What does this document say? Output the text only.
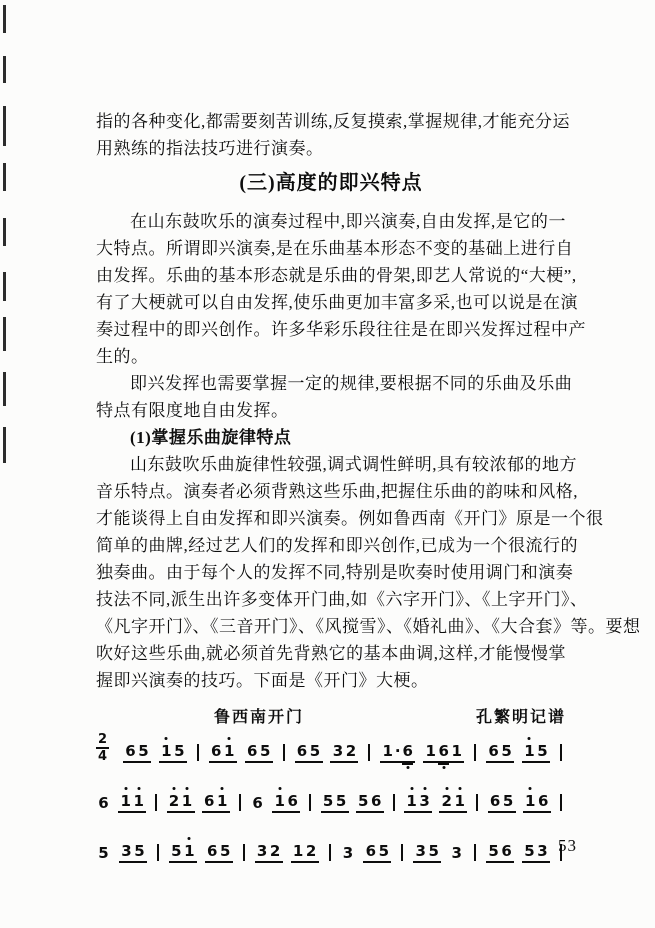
指的各种变化,都需要刻苦训练,反复摸索,掌握规律,才能充分运
用熟练的指法技巧进行演奏。
(三)高度的即兴特点
在山东鼓吹乐的演奏过程中,即兴演奏,自由发挥,是它的一
大特点。所谓即兴演奏,是在乐曲基本形态不变的基础上进行自
由发挥。乐曲的基本形态就是乐曲的骨架,即艺人常说的“大梗”,
有了大梗就可以自由发挥,使乐曲更加丰富多采,也可以说是在演
奏过程中的即兴创作。许多华彩乐段往往是在即兴发挥过程中产
生的。
即兴发挥也需要掌握一定的规律,要根据不同的乐曲及乐曲
特点有限度地自由发挥。
(1)掌握乐曲旋律特点
山东鼓吹乐曲旋律性较强,调式调性鲜明,具有较浓郁的地方
音乐特点。演奏者必须背熟这些乐曲,把握住乐曲的韵味和风格,
才能谈得上自由发挥和即兴演奏。例如鲁西南《开门》原是一个很
简单的曲牌,经过艺人们的发挥和即兴创作,已成为一个很流行的
独奏曲。由于每个人的发挥不同,特别是吹奏时使用调门和演奏
技法不同,派生出许多变体开门曲,如《六字开门》、《上字开门》、
《凡字开门》、《三音开门》、《风搅雪》、《婚礼曲》、《大合套》等。要想
吹好这些乐曲,就必须首先背熟它的基本曲调,这样,才能慢慢掌
握即兴演奏的技巧。下面是《开门》大梗。
鲁西南开门	孔繁明记谱
$\frac{2}{4} 6$ 5 1 5 6 1 6 5 6 5 3 2 1 · 6 1 6 1 6 5 1 5
6 1 1 2 1 6 1 6 1 6 5 5 5 6 1 3 2 1 6 5 1 6
5 3 5 5 1 6 5 3 2 1 2 3 6 5 3 5 3 5 6 5 3 53
